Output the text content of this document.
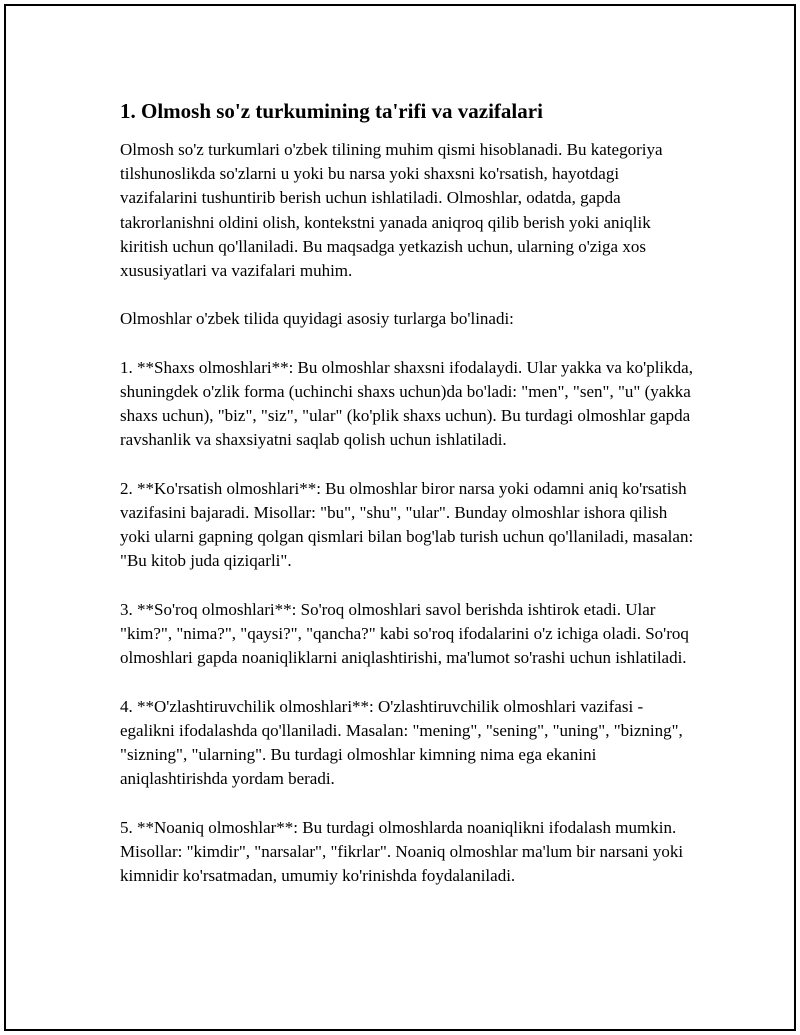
1. Olmosh so'z turkumining ta'rifi va vazifalari

Olmosh so'z turkumlari o'zbek tilining muhim qismi hisoblanadi. Bu kategoriya tilshunoslikda so'zlarni u yoki bu narsa yoki shaxsni ko'rsatish, hayotdagi vazifalarini tushuntirib berish uchun ishlatiladi. Olmoshlar, odatda, gapda takrorlanishni oldini olish, kontekstni yanada aniqroq qilib berish yoki aniqlik kiritish uchun qo'llaniladi. Bu maqsadga yetkazish uchun, ularning o'ziga xos xususiyatlari va vazifalari muhim.

Olmoshlar o'zbek tilida quyidagi asosiy turlarga bo'linadi:

1. **Shaxs olmoshlari**: Bu olmoshlar shaxsni ifodalaydi. Ular yakka va ko'plikda, shuningdek o'zlik forma (uchinchi shaxs uchun)da bo'ladi: "men", "sen", "u" (yakka shaxs uchun), "biz", "siz", "ular" (ko'plik shaxs uchun). Bu turdagi olmoshlar gapda ravshanlik va shaxsiyatni saqlab qolish uchun ishlatiladi.

2. **Ko'rsatish olmoshlari**: Bu olmoshlar biror narsa yoki odamni aniq ko'rsatish vazifasini bajaradi. Misollar: "bu", "shu", "ular". Bunday olmoshlar ishora qilish yoki ularni gapning qolgan qismlari bilan bog'lab turish uchun qo'llaniladi, masalan: "Bu kitob juda qiziqarli".

3. **So'roq olmoshlari**: So'roq olmoshlari savol berishda ishtirok etadi. Ular "kim?", "nima?", "qaysi?", "qancha?" kabi so'roq ifodalarini o'z ichiga oladi. So'roq olmoshlari gapda noaniqliklarni aniqlashtirishi, ma'lumot so'rashi uchun ishlatiladi.

4. **O'zlashtiruvchilik olmoshlari**: O'zlashtiruvchilik olmoshlari vazifasi - egalikni ifodalashda qo'llaniladi. Masalan: "mening", "sening", "uning", "bizning", "sizning", "ularning". Bu turdagi olmoshlar kimning nima ega ekanini aniqlashtirishda yordam beradi.

5. **Noaniq olmoshlar**: Bu turdagi olmoshlarda noaniqlikni ifodalash mumkin. Misollar: "kimdir", "narsalar", "fikrlar". Noaniq olmoshlar ma'lum bir narsani yoki kimnidir ko'rsatmadan, umumiy ko'rinishda foydalaniladi.
